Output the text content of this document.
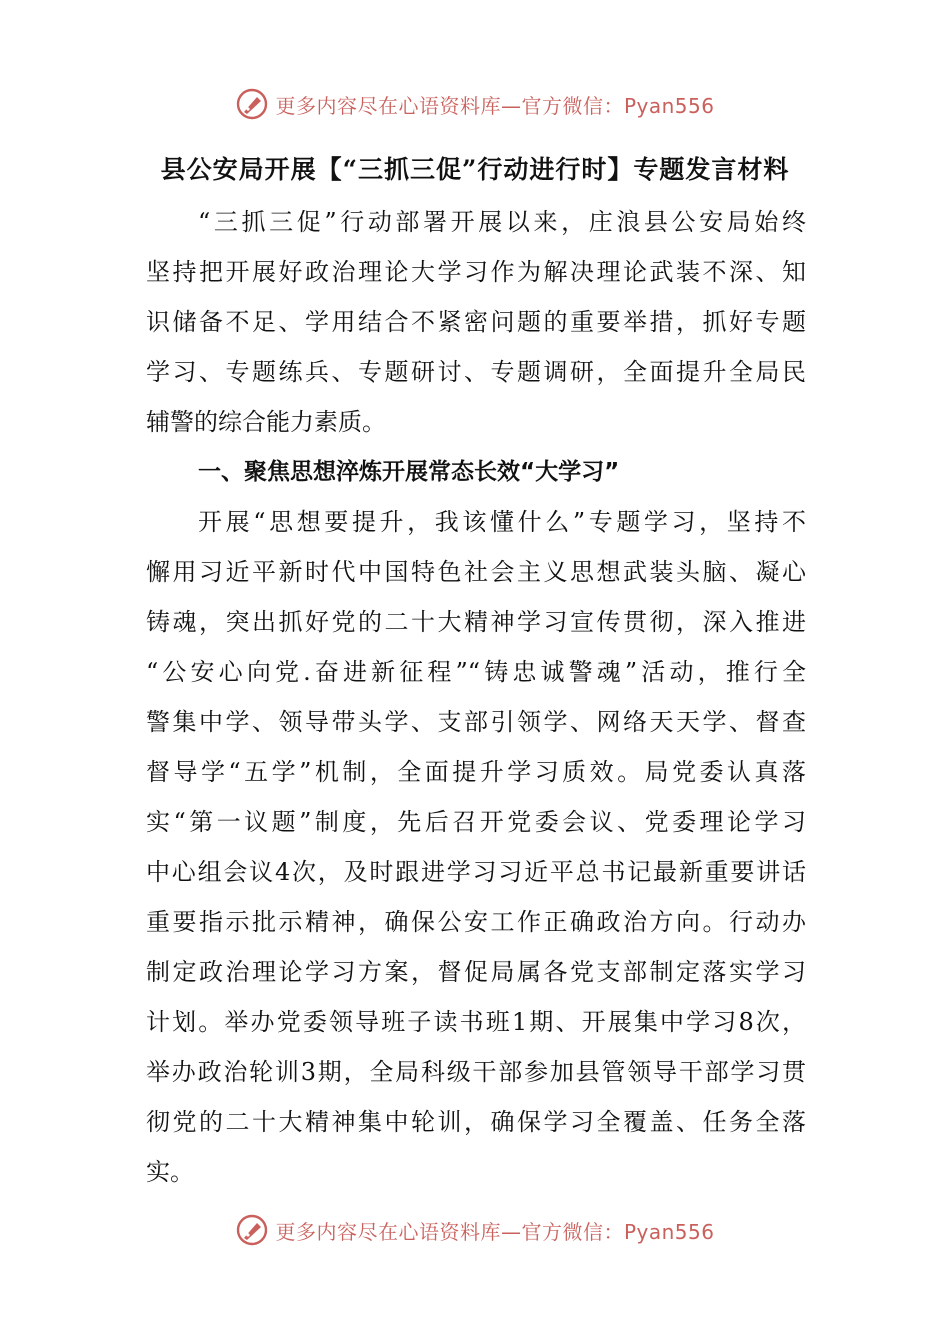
更多内容尽在心语资料库—官方微信：Pyan556
县公安局开展【“三抓三促”行动进行时】专题发言材料
“三抓三促”行动部署开展以来，庄浪县公安局始终
坚持把开展好政治理论大学习作为解决理论武装不深、知
识储备不足、学用结合不紧密问题的重要举措，抓好专题
学习、专题练兵、专题研讨、专题调研，全面提升全局民
辅警的综合能力素质。
一、聚焦思想淬炼开展常态长效“大学习”
开展“思想要提升，我该懂什么”专题学习，坚持不
懈用习近平新时代中国特色社会主义思想武装头脑、凝心
铸魂，突出抓好党的二十大精神学习宣传贯彻，深入推进
“公安心向党.奋进新征程”“铸忠诚警魂”活动，推行全
警集中学、领导带头学、支部引领学、网络天天学、督查
督导学“五学”机制，全面提升学习质效。局党委认真落
实“第一议题”制度，先后召开党委会议、党委理论学习
中心组会议4次，及时跟进学习习近平总书记最新重要讲话
重要指示批示精神，确保公安工作正确政治方向。行动办
制定政治理论学习方案，督促局属各党支部制定落实学习
计划。举办党委领导班子读书班1期、开展集中学习8次，
举办政治轮训3期，全局科级干部参加县管领导干部学习贯
彻党的二十大精神集中轮训，确保学习全覆盖、任务全落
实。
更多内容尽在心语资料库—官方微信：Pyan556
